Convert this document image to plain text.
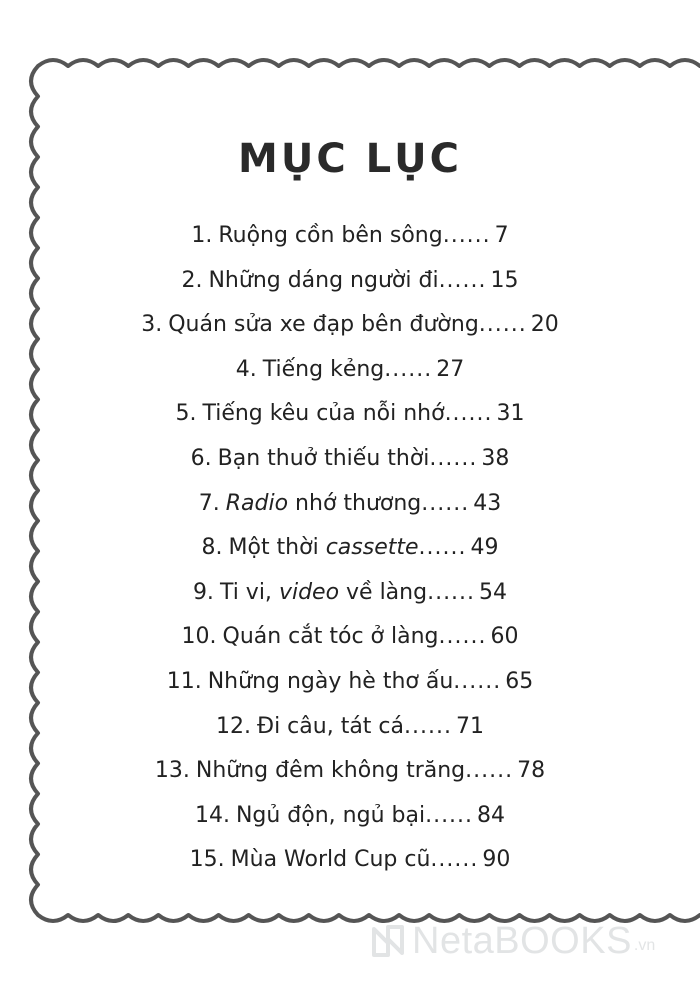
MỤC LỤC
1. Ruộng cồn bên sông...... 7
2. Những dáng người đi...... 15
3. Quán sửa xe đạp bên đường...... 20
4. Tiếng kẻng...... 27
5. Tiếng kêu của nỗi nhớ...... 31
6. Bạn thuở thiếu thời...... 38
7. Radio nhớ thương...... 43
8. Một thời cassette...... 49
9. Ti vi, video về làng...... 54
10. Quán cắt tóc ở làng...... 60
11. Những ngày hè thơ ấu...... 65
12. Đi câu, tát cá...... 71
13. Những đêm không trăng...... 78
14. Ngủ độn, ngủ bại...... 84
15. Mùa World Cup cũ...... 90
NetaBOOKS .vn
